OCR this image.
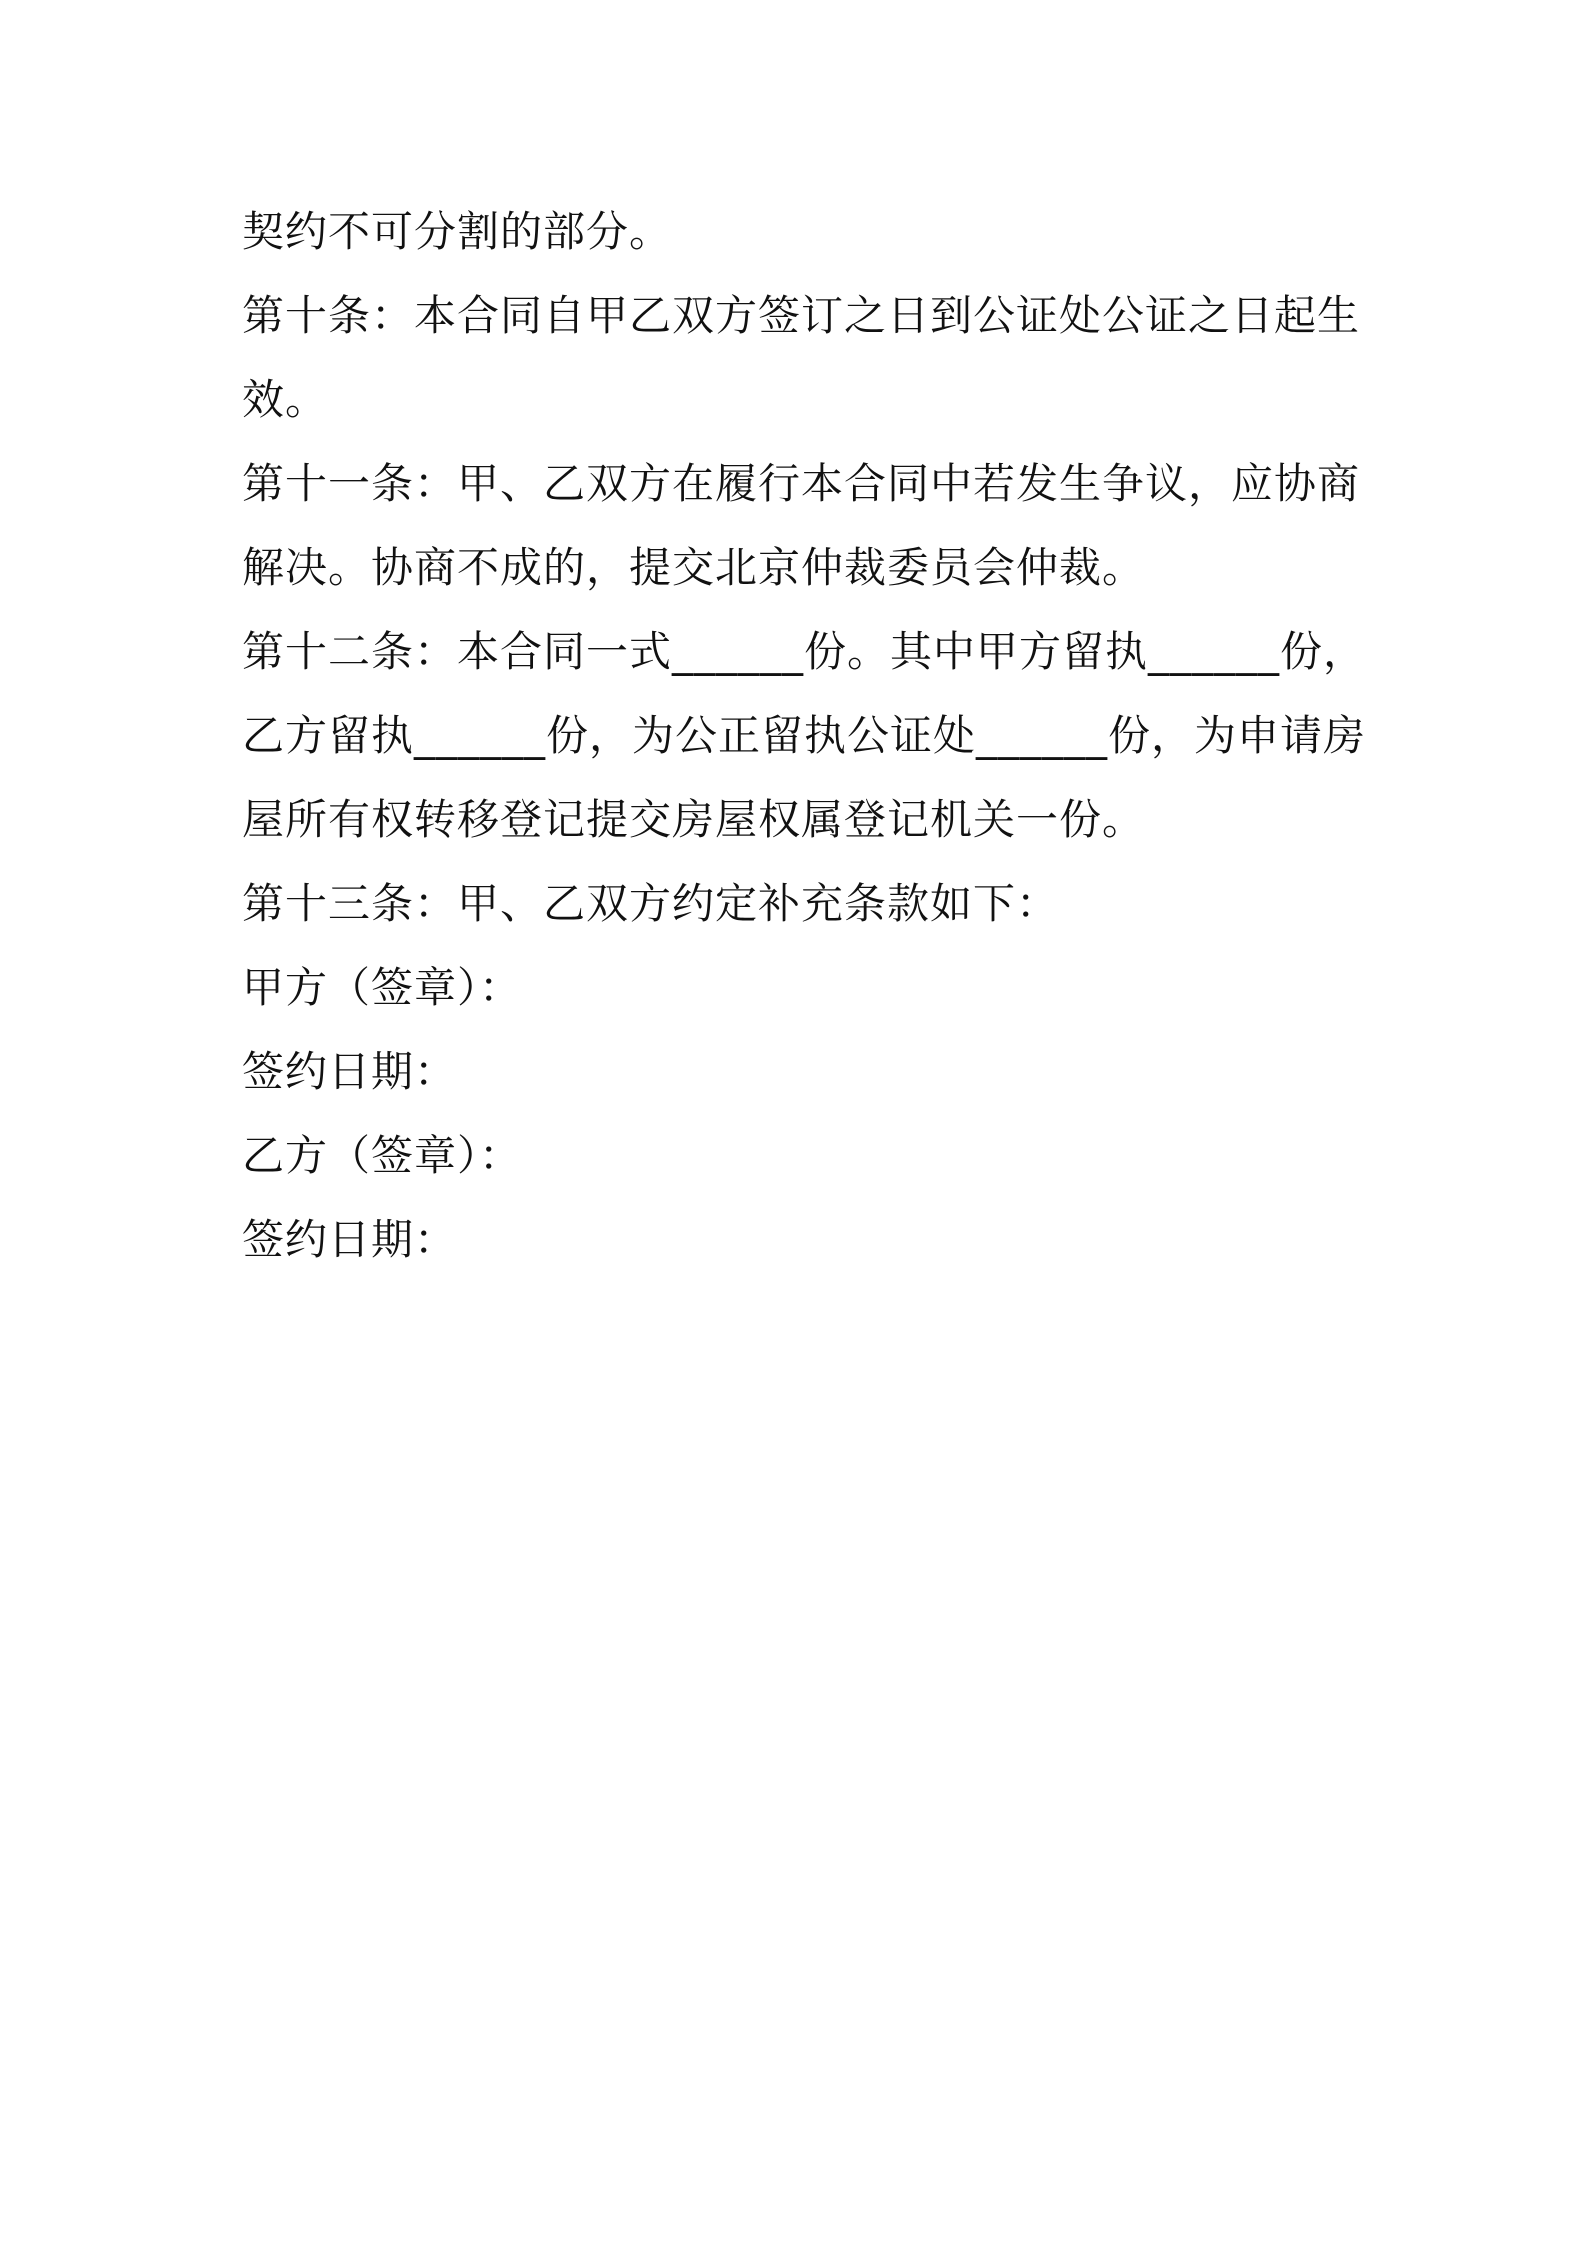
契约不可分割的部分。
第十条：本合同自甲乙双方签订之日到公证处公证之日起生
效。
第十一条：甲、乙双方在履行本合同中若发生争议，应协商
解决。协商不成的，提交北京仲裁委员会仲裁。
第十二条：本合同一式______份。其中甲方留执______份，
乙方留执______份，为公正留执公证处______份，为申请房
屋所有权转移登记提交房屋权属登记机关一份。
第十三条：甲、乙双方约定补充条款如下：
甲方（签章）：
签约日期：
乙方（签章）：
签约日期：
